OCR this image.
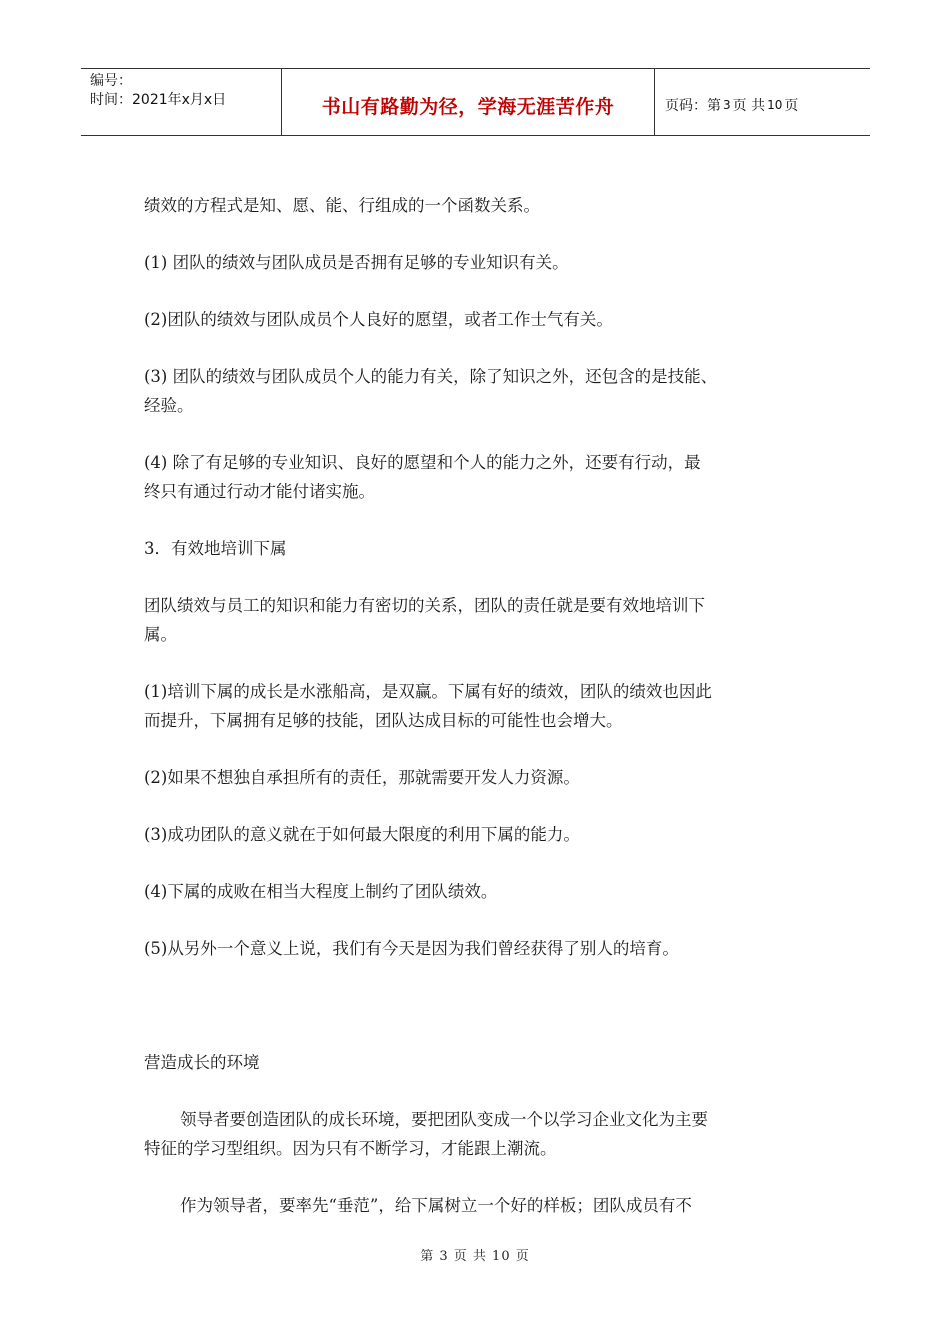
编号：
时间：2021年x月x日	书山有路勤为径，学海无涯苦作舟	页码：第 3 页 共 10 页

绩效的方程式是知、愿、能、行组成的一个函数关系。

(1) 团队的绩效与团队成员是否拥有足够的专业知识有关。

(2)团队的绩效与团队成员个人良好的愿望，或者工作士气有关。

(3) 团队的绩效与团队成员个人的能力有关，除了知识之外，还包含的是技能、

经验。

(4) 除了有足够的专业知识、良好的愿望和个人的能力之外，还要有行动，最

终只有通过行动才能付诸实施。

3．有效地培训下属

团队绩效与员工的知识和能力有密切的关系，团队的责任就是要有效地培训下

属。

(1)培训下属的成长是水涨船高，是双赢。下属有好的绩效，团队的绩效也因此

而提升，下属拥有足够的技能，团队达成目标的可能性也会增大。

(2)如果不想独自承担所有的责任，那就需要开发人力资源。

(3)成功团队的意义就在于如何最大限度的利用下属的能力。

(4)下属的成败在相当大程度上制约了团队绩效。

(5)从另外一个意义上说，我们有今天是因为我们曾经获得了别人的培育。

营造成长的环境

领导者要创造团队的成长环境，要把团队变成一个以学习企业文化为主要

特征的学习型组织。因为只有不断学习，才能跟上潮流。

作为领导者，要率先“垂范”，给下属树立一个好的样板；团队成员有不

第 3 页 共 10 页
